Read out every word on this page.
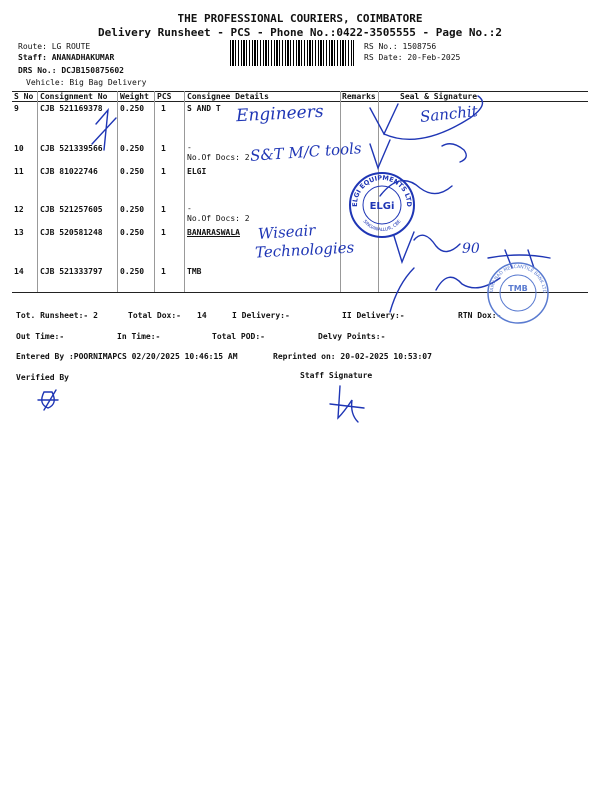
THE PROFESSIONAL COURIERS, COIMBATORE
Delivery Runsheet - PCS - Phone No.:0422-3505555 - Page No.:2
Route: LG ROUTE
Staff: ANANADHAKUMAR
DRS No.: DCJB150875602
Vehicle: Big Bag Delivery
RS No.: 1508756
RS Date: 20-Feb-2025
S No Consignment No Weight PCS Consignee Details	Remarks	Seal & Signature
9	CJB 521169378 0.250 1	S AND T
10 CJB 521339566 0.250 1	-
No.Of Docs: 2
11 CJB 81022746	0.250 1	ELGI
12 CJB 521257605 0.250 1	-
No.Of Docs: 2
13 CJB 520581248 0.250 1	BANARASWALA
14 CJB 521333797 0.250 1	TMB
Tot. Runsheet:- 2	Total Dox:- 14	I Delivery:-	II Delivery:-	RTN Dox:-
Out Time:-	In Time:-	Total POD:-	Delvy Points:-
Entered By :POORNIMAPCS 02/20/2025 10:46:15 AM	Reprinted on: 20-02-2025 10:53:07
Verified By	Staff Signature
Engineers
S&T M/C tools
Wiseair
Technologies
Sanchit
90
ELGI EQUIPMENTS LTD
SINGANALLUR, CBE
ELGi
TAMILNAD MERCANTILE BANK LTD
TMB
